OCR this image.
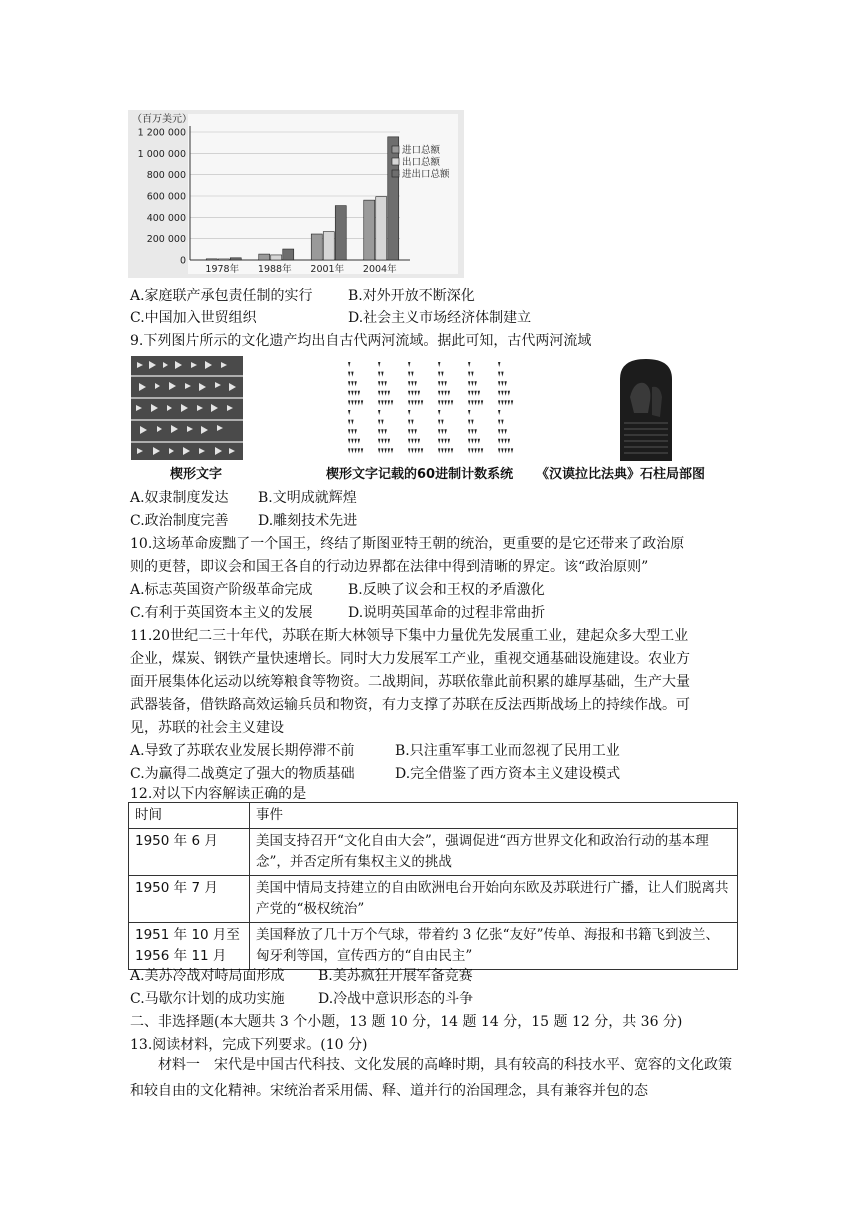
（百万美元）
0
200 000
400 000
600 000
800 000
1 000 000
1 200 000
1978年 1988年 2001年 2004年
进口总额
出口总额
进出口总额
A.家庭联产承包责任制的实行	B.对外开放不断深化
C.中国加入世贸组织	D.社会主义市场经济体制建立
9.下列图片所示的文化遗产均出自古代两河流域。据此可知，古代两河流域
楔形文字	楔形文字记载的60进制计数系统 《汉谟拉比法典》石柱局部图
A.奴隶制度发达 B.文明成就辉煌
C.政治制度完善 D.雕刻技术先进
10.这场革命废黜了一个国王，终结了斯图亚特王朝的统治，更重要的是它还带来了政治原
则的更替，即议会和国王各自的行动边界都在法律中得到清晰的界定。该“政治原则”
A.标志英国资产阶级革命完成	B.反映了议会和王权的矛盾激化
C.有利于英国资本主义的发展	D.说明英国革命的过程非常曲折
11.20世纪二三十年代，苏联在斯大林领导下集中力量优先发展重工业，建起众多大型工业
企业，煤炭、钢铁产量快速增长。同时大力发展军工产业，重视交通基础设施建设。农业方
面开展集体化运动以统筹粮食等物资。二战期间，苏联依靠此前积累的雄厚基础，生产大量
武器装备，借铁路高效运输兵员和物资，有力支撑了苏联在反法西斯战场上的持续作战。可
见，苏联的社会主义建设
A.导致了苏联农业发展长期停滞不前	B.只注重军事工业而忽视了民用工业
C.为赢得二战奠定了强大的物质基础	D.完全借鉴了西方资本主义建设模式
12.对以下内容解读正确的是
时间	事件
1950 年 6 月	美国支持召开“文化自由大会”，强调促进“西方世界文化和政治行动的基本理念”，并否定所有集权主义的挑战
1950 年 7 月	美国中情局支持建立的自由欧洲电台开始向东欧及苏联进行广播，让人们脱离共产党的“极权统治”
1951 年 10 月至 1956 年 11 月	美国释放了几十万个气球，带着约 3 亿张“友好”传单、海报和书籍飞到波兰、匈牙利等国，宣传西方的“自由民主”
A.美苏冷战对峙局面形成 B.美苏疯狂开展军备竞赛
C.马歇尔计划的成功实施 D.冷战中意识形态的斗争
二、非选择题(本大题共 3 个小题，13 题 10 分，14 题 14 分，15 题 12 分，共 36 分)
13.阅读材料，完成下列要求。(10 分)
材料一　宋代是中国古代科技、文化发展的高峰时期，具有较高的科技水平、宽容的文化政策和较自由的文化精神。宋统治者采用儒、释、道并行的治国理念，具有兼容并包的态
